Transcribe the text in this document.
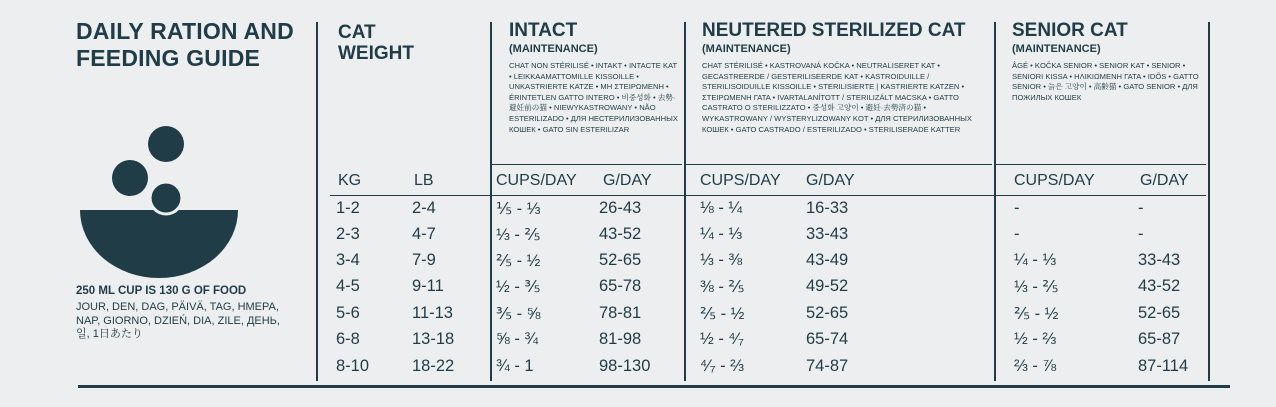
DAILY RATION AND
FEEDING GUIDE
250 ML CUP IS 130 G OF FOOD
JOUR, DEN, DAG, PÄIVÄ, TAG, ΗΜΕΡΑ, NAP, GIORNO, DZIEŃ, DIA, ZILE, ДЕНЬ, 일, 1日あたり
CAT
WEIGHT
INTACT
(MAINTENANCE)
CHAT NON STÉRILISÉ • INTAKT • INTACTE KAT • LEIKKAAMATTOMILLE KISSOILLE • UNKASTRIERTE KATZE • ΜΗ ΣΤΕΙΡΩΜΕΝΗ • ÉRINTETLEN GATTO INTERO • 비중성화 • 去勢·避妊前の猫 • NIEWYKASTROWANY • NÃO ESTERILIZADO • ДЛЯ НЕСТЕРИЛИЗОВАННЫХ КОШЕК • GATO SIN ESTERILIZAR
NEUTERED STERILIZED CAT
(MAINTENANCE)
CHAT STÉRILISÉ • KASTROVANÁ KOČKA • NEUTRALISERET KAT • GECASTREERDE / GESTERILISEERDE KAT • KASTROIDUILLE / STERILISOIDUILLE KISSOILLE • STERILISIERTE | KASTRIERTE KATZEN • ΣΤΕΙΡΩΜΕΝΗ ΓΑΤΑ • IVARTALANÍTOTT / STERILIZÁLT MACSKA • GATTO CASTRATO O STERILIZZATO • 중성화 고양이 • 避妊·去勢済の猫 • WYKASTROWANY / WYSTERYLIZOWANY KOT • ДЛЯ СТЕРИЛИЗОВАННЫХ КОШЕК • GATO CASTRADO / ESTERILIZADO • STERILISERADE KATTER
SENIOR CAT
(MAINTENANCE)
ÂGÉ • KOČKA SENIOR • SENIOR KAT • SENIOR • SENIORI KISSA • ΗΛΙΚΙΩΜΕΝΗ ΓΑΤΑ • IDŐS • GATTO SENIOR • 늙은 고양이 • 高齢猫 • GATO SENIOR • ДЛЯ ПОЖИЛЫХ КОШЕК
KG	LB	CUPS/DAY G/DAY	CUPS/DAY G/DAY	CUPS/DAY	G/DAY
1-2	2-4	⅕ - ⅓	26-43	⅛ - ¼	16-33	-	-
2-3	4-7	⅓ - ⅖	43-52	¼ - ⅓	33-43	-	-
3-4	7-9	⅖ - ½	52-65	⅓ - ⅜	43-49	¼ - ⅓	33-43
4-5	9-11	½ - ⅗	65-78	⅜ - ⅖	49-52	⅓ - ⅖	43-52
5-6	11-13	⅗ - ⅝	78-81	⅖ - ½	52-65	⅖ - ½	52-65
6-8	13-18	⅝ - ¾	81-98	½ - ⁴⁄₇	65-74	½ - ⅔	65-87
8-10	18-22	¾ - 1	98-130	⁴⁄₇ - ⅔	74-87	⅔ - ⅞	87-114
